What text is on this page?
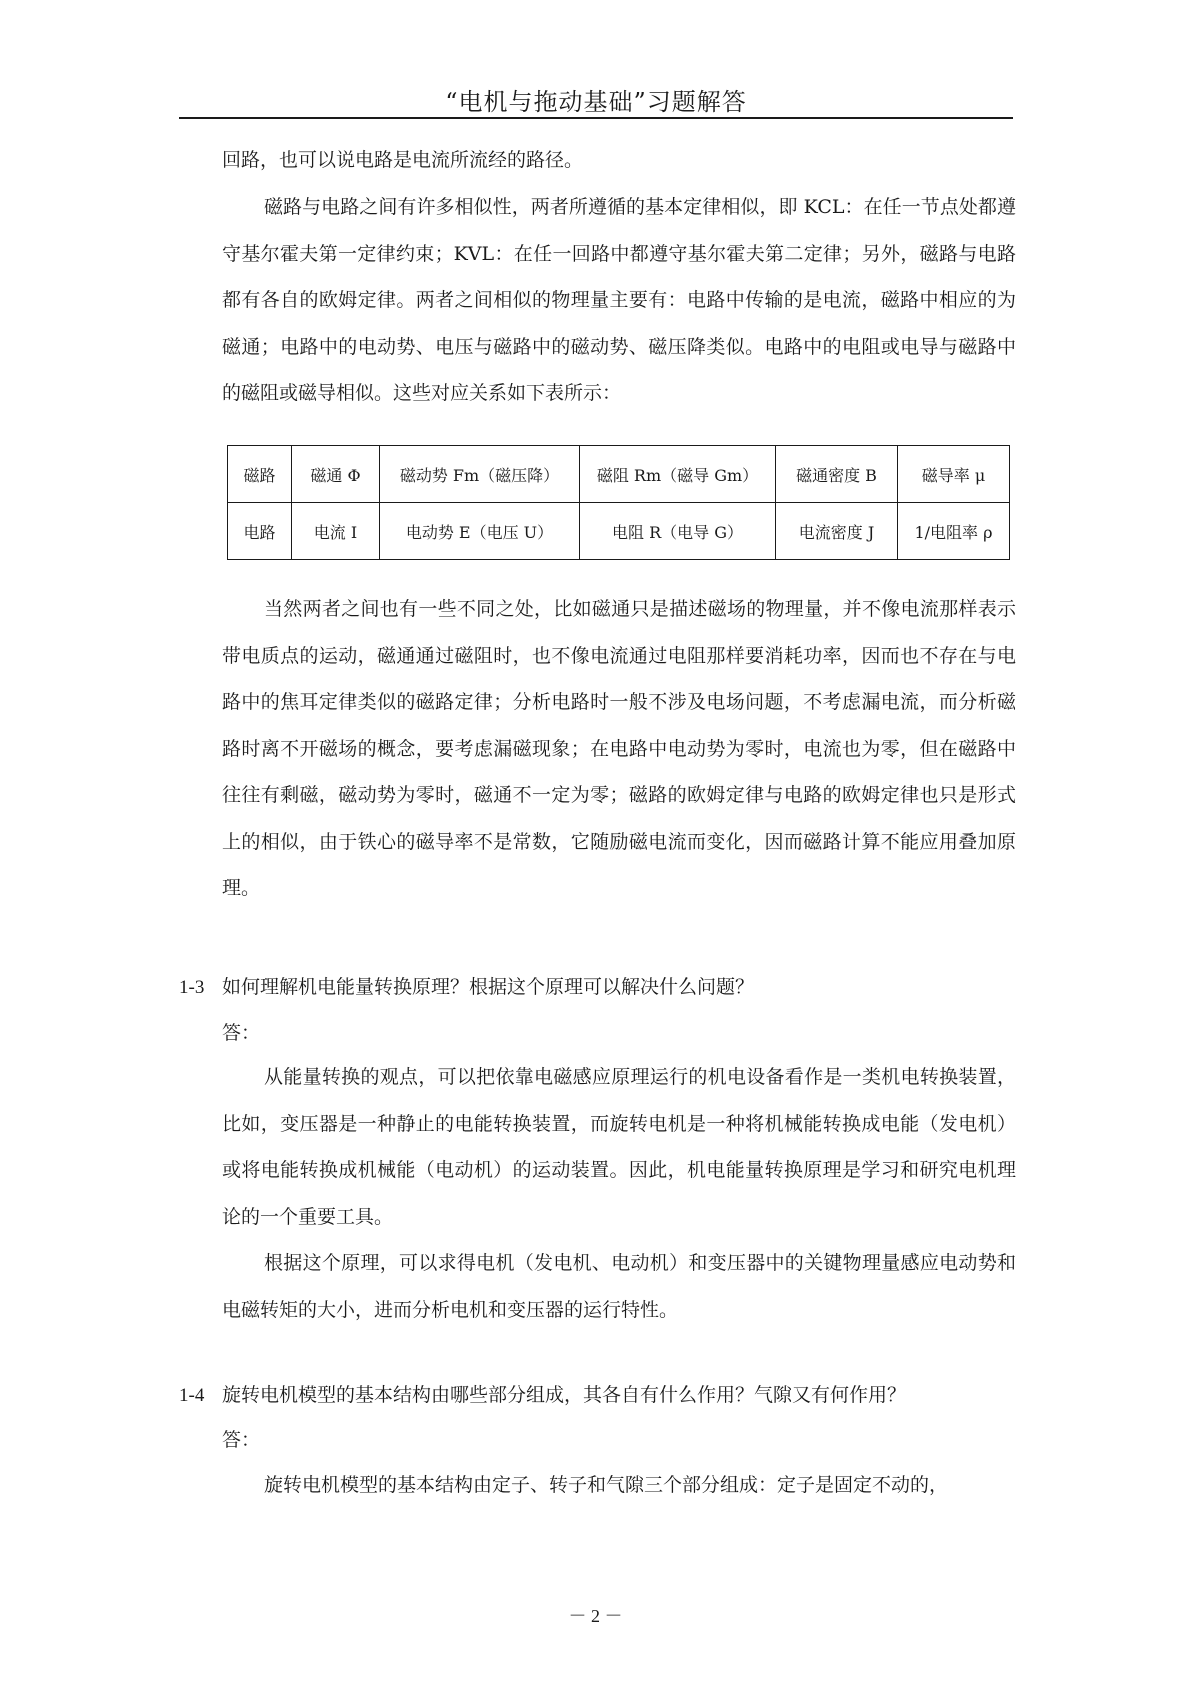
“电机与拖动基础”习题解答

回路，也可以说电路是电流所流经的路径。

磁路与电路之间有许多相似性，两者所遵循的基本定律相似，即 KCL：在任一节点处都遵守基尔霍夫第一定律约束；KVL：在任一回路中都遵守基尔霍夫第二定律；另外，磁路与电路都有各自的欧姆定律。两者之间相似的物理量主要有：电路中传输的是电流，磁路中相应的为磁通；电路中的电动势、电压与磁路中的磁动势、磁压降类似。电路中的电阻或电导与磁路中的磁阻或磁导相似。这些对应关系如下表所示：

磁路	磁通 Φ	磁动势 Fm（磁压降）	磁阻 Rm（磁导 Gm）	磁通密度 B	磁导率 μ
电路	电流 I	电动势 E（电压 U）	电阻 R（电导 G）	电流密度 J	1/电阻率 ρ

当然两者之间也有一些不同之处，比如磁通只是描述磁场的物理量，并不像电流那样表示带电质点的运动，磁通通过磁阻时，也不像电流通过电阻那样要消耗功率，因而也不存在与电路中的焦耳定律类似的磁路定律；分析电路时一般不涉及电场问题，不考虑漏电流，而分析磁路时离不开磁场的概念，要考虑漏磁现象；在电路中电动势为零时，电流也为零，但在磁路中往往有剩磁，磁动势为零时，磁通不一定为零；磁路的欧姆定律与电路的欧姆定律也只是形式上的相似，由于铁心的磁导率不是常数，它随励磁电流而变化，因而磁路计算不能应用叠加原理。

1-3 如何理解机电能量转换原理？根据这个原理可以解决什么问题？

答：

从能量转换的观点，可以把依靠电磁感应原理运行的机电设备看作是一类机电转换装置，比如，变压器是一种静止的电能转换装置，而旋转电机是一种将机械能转换成电能（发电机）或将电能转换成机械能（电动机）的运动装置。因此，机电能量转换原理是学习和研究电机理论的一个重要工具。

根据这个原理，可以求得电机（发电机、电动机）和变压器中的关键物理量感应电动势和电磁转矩的大小，进而分析电机和变压器的运行特性。

1-4 旋转电机模型的基本结构由哪些部分组成，其各自有什么作用？气隙又有何作用？

答：

旋转电机模型的基本结构由定子、转子和气隙三个部分组成：定子是固定不动的，

－ 2 －
